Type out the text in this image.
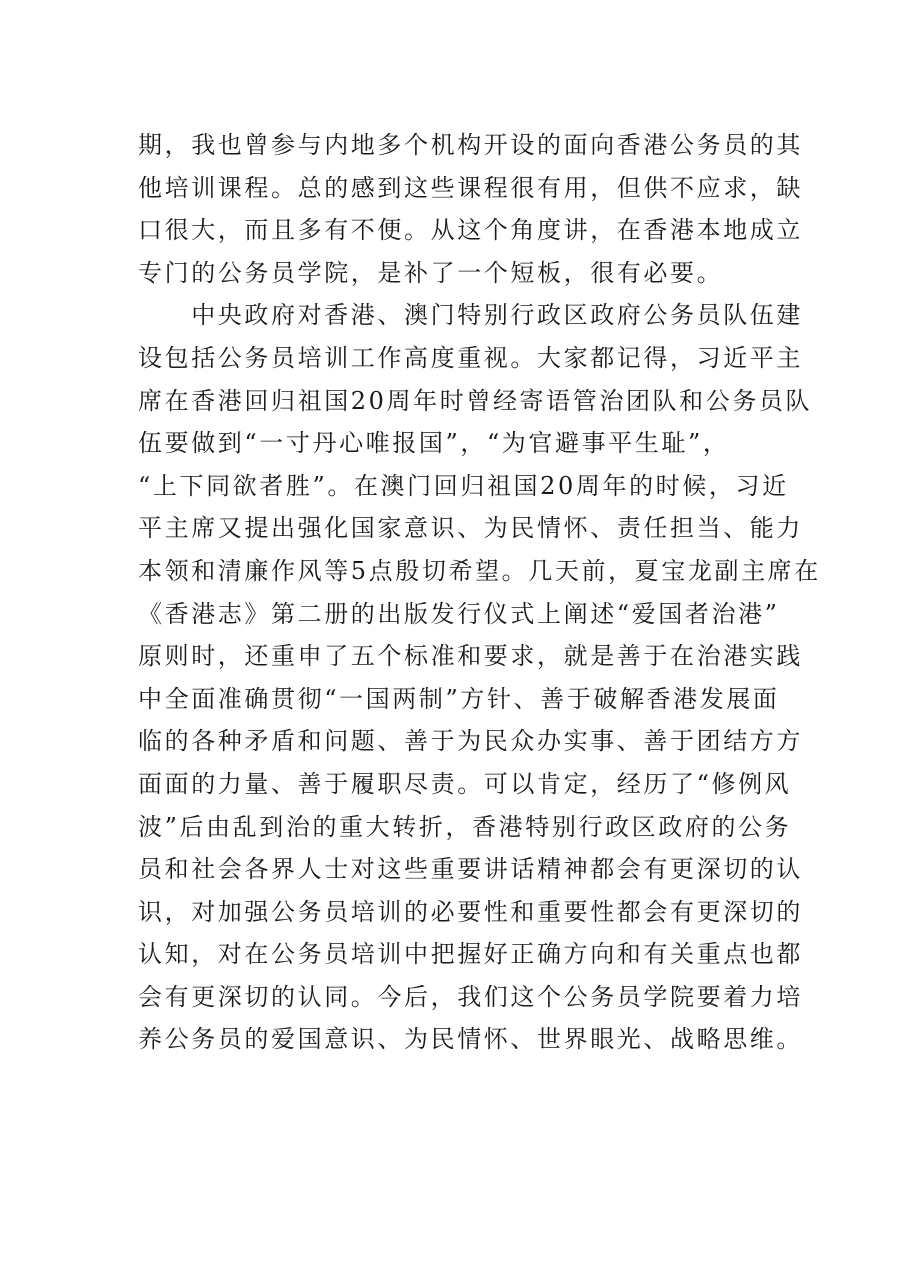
期，我也曾参与内地多个机构开设的面向香港公务员的其
他培训课程。总的感到这些课程很有用，但供不应求，缺
口很大，而且多有不便。从这个角度讲，在香港本地成立
专门的公务员学院，是补了一个短板，很有必要。
　　中央政府对香港、澳门特别行政区政府公务员队伍建
设包括公务员培训工作高度重视。大家都记得，习近平主
席在香港回归祖国20周年时曾经寄语管治团队和公务员队
伍要做到“一寸丹心唯报国”，“为官避事平生耻”，
“上下同欲者胜”。在澳门回归祖国20周年的时候，习近
平主席又提出强化国家意识、为民情怀、责任担当、能力
本领和清廉作风等5点殷切希望。几天前，夏宝龙副主席在
《香港志》第二册的出版发行仪式上阐述“爱国者治港”
原则时，还重申了五个标准和要求，就是善于在治港实践
中全面准确贯彻“一国两制”方针、善于破解香港发展面
临的各种矛盾和问题、善于为民众办实事、善于团结方方
面面的力量、善于履职尽责。可以肯定，经历了“修例风
波”后由乱到治的重大转折，香港特别行政区政府的公务
员和社会各界人士对这些重要讲话精神都会有更深切的认
识，对加强公务员培训的必要性和重要性都会有更深切的
认知，对在公务员培训中把握好正确方向和有关重点也都
会有更深切的认同。今后，我们这个公务员学院要着力培
养公务员的爱国意识、为民情怀、世界眼光、战略思维。
